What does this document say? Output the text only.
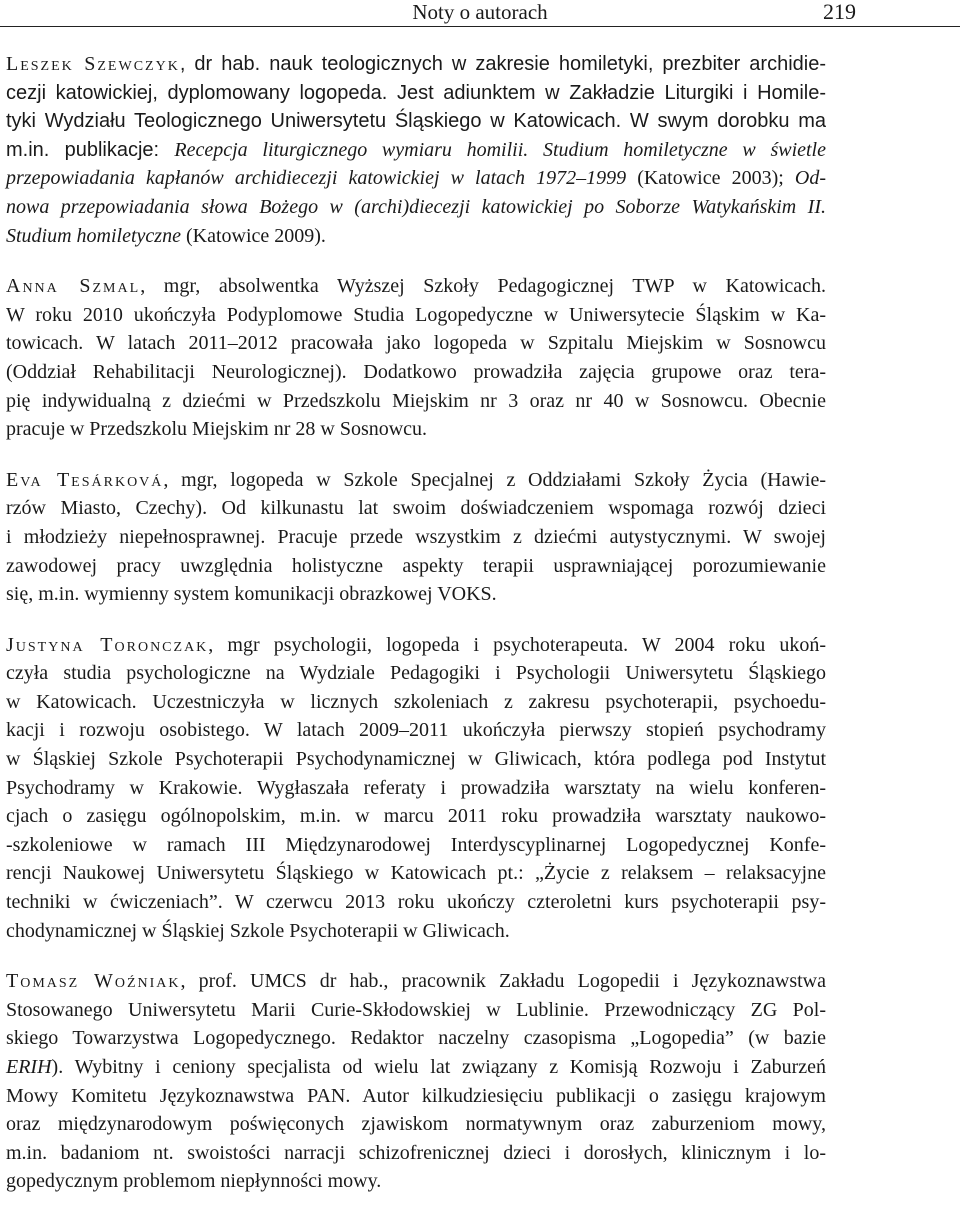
Noty o autorach	219
Leszek Szewczyk, dr hab. nauk teologicznych w zakresie homiletyki, prezbiter archidie-
cezji katowickiej, dyplomowany logopeda. Jest adiunktem w Zakładzie Liturgiki i Homile-
tyki Wydziału Teologicznego Uniwersytetu Śląskiego w Katowicach. W swym dorobku ma
m.in. publikacje: Recepcja liturgicznego wymiaru homilii. Studium homiletyczne w świetle
przepowiadania kapłanów archidiecezji katowickiej w latach 1972–1999 (Katowice 2003); Od-
nowa przepowiadania słowa Bożego w (archi)diecezji katowickiej po Soborze Watykańskim II.
Studium homiletyczne (Katowice 2009).
Anna Szmal, mgr, absolwentka Wyższej Szkoły Pedagogicznej TWP w Katowicach.
W roku 2010 ukończyła Podyplomowe Studia Logopedyczne w Uniwersytecie Śląskim w Ka-
towicach. W latach 2011–2012 pracowała jako logopeda w Szpitalu Miejskim w Sosnowcu
(Oddział Rehabilitacji Neurologicznej). Dodatkowo prowadziła zajęcia grupowe oraz tera-
pię indywidualną z dziećmi w Przedszkolu Miejskim nr 3 oraz nr 40 w Sosnowcu. Obecnie
pracuje w Przedszkolu Miejskim nr 28 w Sosnowcu.
Eva Tesárková, mgr, logopeda w Szkole Specjalnej z Oddziałami Szkoły Życia (Hawie-
rzów Miasto, Czechy). Od kilkunastu lat swoim doświadczeniem wspomaga rozwój dzieci
i młodzieży niepełnosprawnej. Pracuje przede wszystkim z dziećmi autystycznymi. W swojej
zawodowej pracy uwzględnia holistyczne aspekty terapii usprawniającej porozumiewanie
się, m.in. wymienny system komunikacji obrazkowej VOKS.
Justyna Toronczak, mgr psychologii, logopeda i psychoterapeuta. W 2004 roku ukoń-
czyła studia psychologiczne na Wydziale Pedagogiki i Psychologii Uniwersytetu Śląskiego
w Katowicach. Uczestniczyła w licznych szkoleniach z zakresu psychoterapii, psychoedu-
kacji i rozwoju osobistego. W latach 2009–2011 ukończyła pierwszy stopień psychodramy
w Śląskiej Szkole Psychoterapii Psychodynamicznej w Gliwicach, która podlega pod Instytut
Psychodramy w Krakowie. Wygłaszała referaty i prowadziła warsztaty na wielu konferen-
cjach o zasięgu ogólnopolskim, m.in. w marcu 2011 roku prowadziła warsztaty naukowo-
-szkoleniowe w ramach III Międzynarodowej Interdyscyplinarnej Logopedycznej Konfe-
rencji Naukowej Uniwersytetu Śląskiego w Katowicach pt.: „Życie z relaksem – relaksacyjne
techniki w ćwiczeniach”. W czerwcu 2013 roku ukończy czteroletni kurs psychoterapii psy-
chodynamicznej w Śląskiej Szkole Psychoterapii w Gliwicach.
Tomasz Woźniak, prof. UMCS dr hab., pracownik Zakładu Logopedii i Językoznawstwa
Stosowanego Uniwersytetu Marii Curie-Skłodowskiej w Lublinie. Przewodniczący ZG Pol-
skiego Towarzystwa Logopedycznego. Redaktor naczelny czasopisma „Logopedia” (w bazie
ERIH). Wybitny i ceniony specjalista od wielu lat związany z Komisją Rozwoju i Zaburzeń
Mowy Komitetu Językoznawstwa PAN. Autor kilkudziesięciu publikacji o zasięgu krajowym
oraz międzynarodowym poświęconych zjawiskom normatywnym oraz zaburzeniom mowy,
m.in. badaniom nt. swoistości narracji schizofrenicznej dzieci i dorosłych, klinicznym i lo-
gopedycznym problemom niepłynności mowy.
